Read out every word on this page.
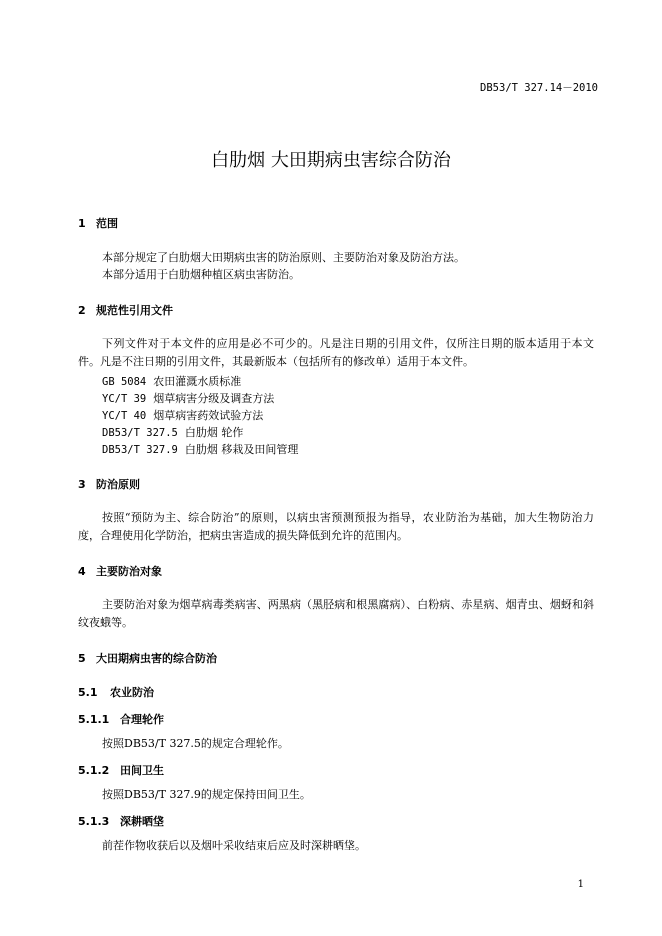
DB53/T 327.14－2010
白肋烟 大田期病虫害综合防治
1 范围
本部分规定了白肋烟大田期病虫害的防治原则、主要防治对象及防治方法。
本部分适用于白肋烟种植区病虫害防治。
2 规范性引用文件
下列文件对于本文件的应用是必不可少的。凡是注日期的引用文件，仅所注日期的版本适用于本文件。凡是不注日期的引用文件，其最新版本（包括所有的修改单）适用于本文件。
GB 5084 农田灌溉水质标准
YC/T 39 烟草病害分级及调查方法
YC/T 40 烟草病害药效试验方法
DB53/T 327.5 白肋烟 轮作
DB53/T 327.9 白肋烟 移栽及田间管理
3 防治原则
按照“预防为主、综合防治”的原则，以病虫害预测预报为指导，农业防治为基础，加大生物防治力度，合理使用化学防治，把病虫害造成的损失降低到允许的范围内。
4 主要防治对象
主要防治对象为烟草病毒类病害、两黑病（黑胫病和根黑腐病）、白粉病、赤星病、烟青虫、烟蚜和斜纹夜蛾等。
5 大田期病虫害的综合防治
5.1 农业防治
5.1.1 合理轮作
按照DB53/T 327.5的规定合理轮作。
5.1.2 田间卫生
按照DB53/T 327.9的规定保持田间卫生。
5.1.3 深耕晒垡
前茬作物收获后以及烟叶采收结束后应及时深耕晒垡。
1
